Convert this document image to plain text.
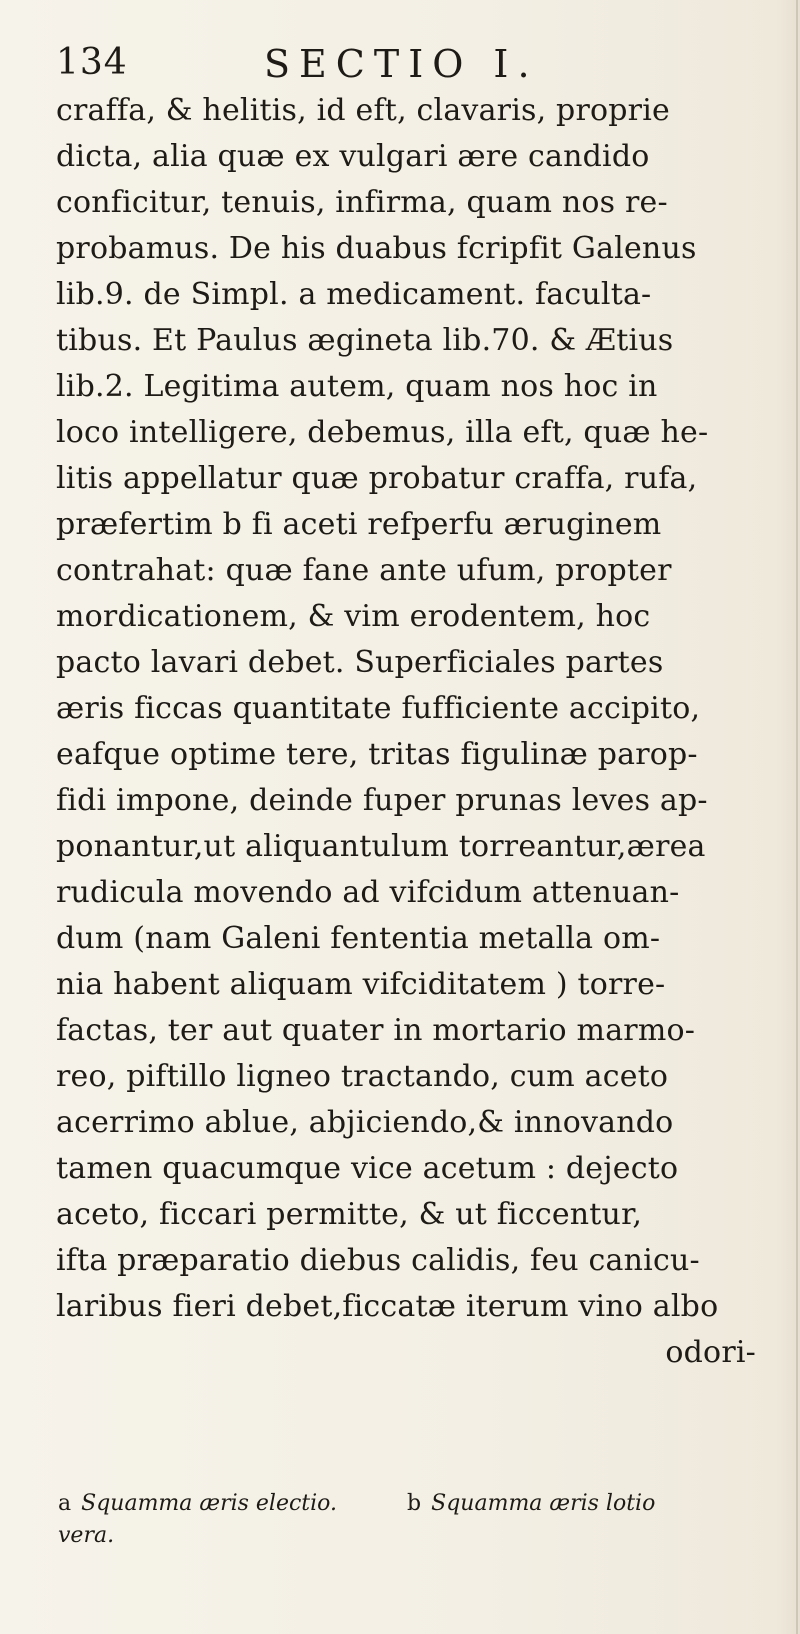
134	SECTIO I.
craffa, & helitis, id eft, clavaris, proprie
dicta, alia quæ ex vulgari ære candido
conficitur, tenuis, infirma, quam nos re-
probamus. De his duabus fcripfit Galenus
lib.9. de Simpl. a medicament. faculta-
tibus. Et Paulus ægineta lib.70. & Ætius
lib.2. Legitima autem, quam nos hoc in
loco intelligere, debemus, illa eft, quæ he-
litis appellatur quæ probatur craffa, rufa,
præfertim b fi aceti refperfu æruginem
contrahat: quæ fane ante ufum, propter
mordicationem, & vim erodentem, hoc
pacto lavari debet. Superficiales partes
æris ficcas quantitate fufficiente accipito,
eafque optime tere, tritas figulinæ parop-
fidi impone, deinde fuper prunas leves ap-
ponantur,ut aliquantulum torreantur,ærea
rudicula movendo ad vifcidum attenuan-
dum (nam Galeni fententia metalla om-
nia habent aliquam vifciditatem ) torre-
factas, ter aut quater in mortario marmo-
reo, piftillo ligneo tractando, cum aceto
acerrimo ablue, abjiciendo,& innovando
tamen quacumque vice acetum : dejecto
aceto, ficcari permitte, & ut ficcentur,
ifta præparatio diebus calidis, feu canicu-
laribus fieri debet,ficcatæ iterum vino albo
odori-
a Squamma æris electio.	b Squamma æris lotio
vera.
